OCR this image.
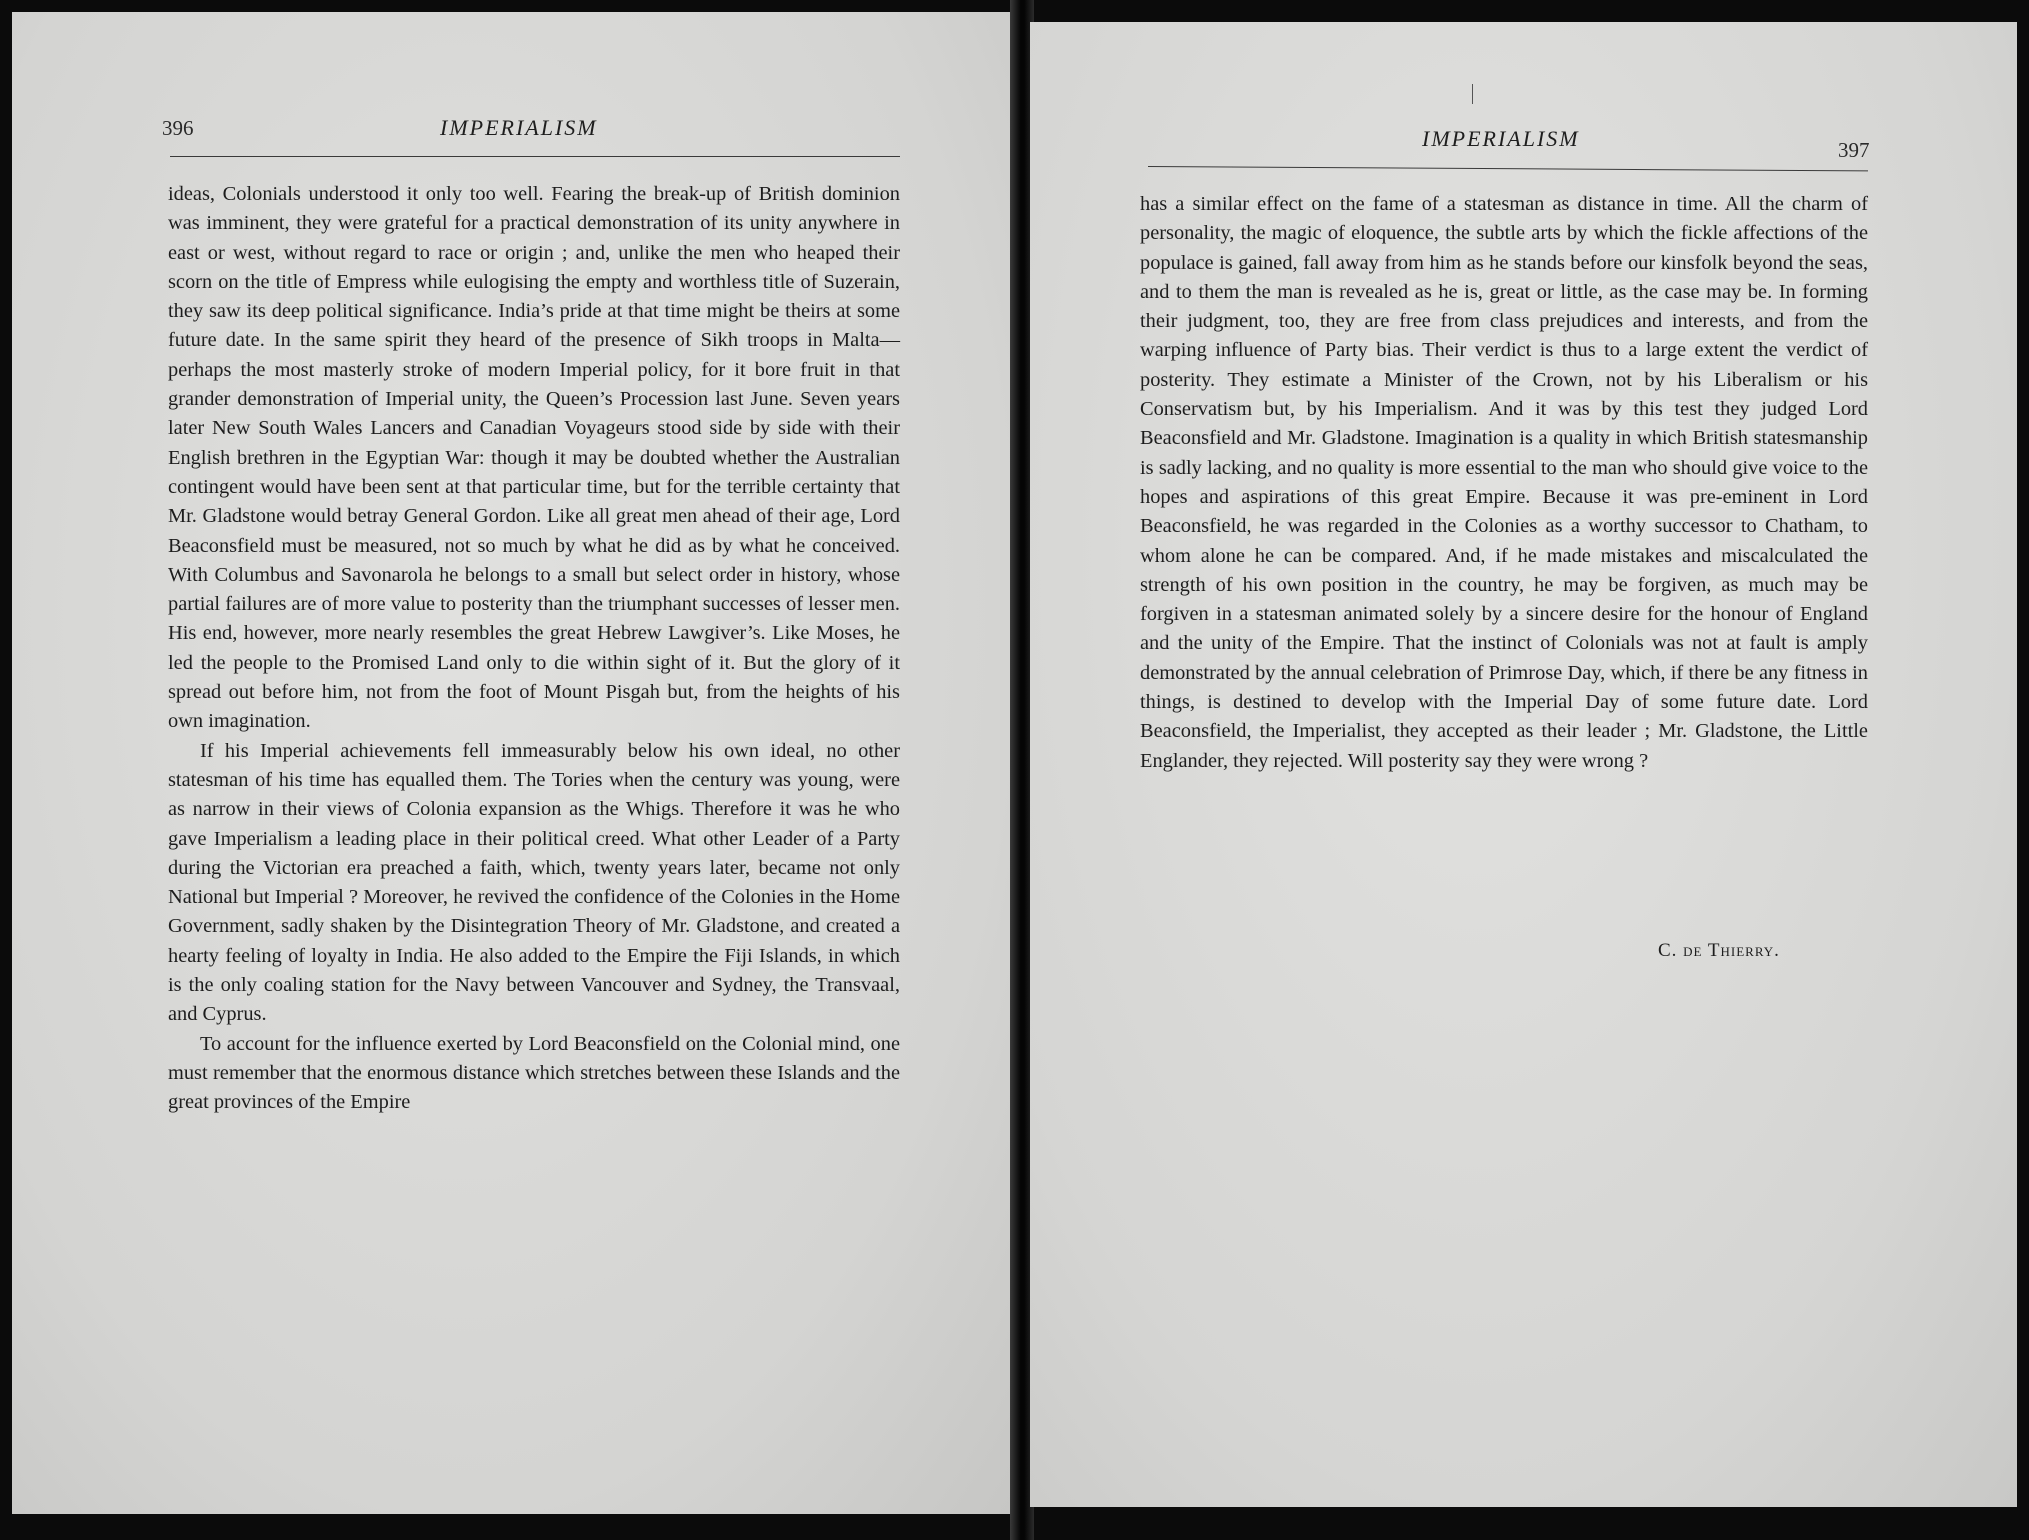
396	IMPERIALISM

ideas, Colonials understood it only too well. Fearing the break-up of British dominion was imminent, they were grateful for a practical demonstration of its unity anywhere in east or west, without regard to race or origin ; and, unlike the men who heaped their scorn on the title of Empress while eulogising the empty and worthless title of Suzerain, they saw its deep political significance. India’s pride at that time might be theirs at some future date. In the same spirit they heard of the presence of Sikh troops in Malta—perhaps the most masterly stroke of modern Imperial policy, for it bore fruit in that grander demonstration of Imperial unity, the Queen’s Procession last June. Seven years later New South Wales Lancers and Canadian Voyageurs stood side by side with their English brethren in the Egyptian War: though it may be doubted whether the Australian contingent would have been sent at that particular time, but for the terrible certainty that Mr. Gladstone would betray General Gordon. Like all great men ahead of their age, Lord Beaconsfield must be measured, not so much by what he did as by what he conceived. With Columbus and Savonarola he belongs to a small but select order in history, whose partial failures are of more value to posterity than the triumphant successes of lesser men. His end, however, more nearly resembles the great Hebrew Lawgiver’s. Like Moses, he led the people to the Promised Land only to die within sight of it. But the glory of it spread out before him, not from the foot of Mount Pisgah but, from the heights of his own imagination.

If his Imperial achievements fell immeasurably below his own ideal, no other statesman of his time has equalled them. The Tories when the century was young, were as narrow in their views of Colonia expansion as the Whigs. Therefore it was he who gave Imperialism a leading place in their political creed. What other Leader of a Party during the Victorian era preached a faith, which, twenty years later, became not only National but Imperial ? Moreover, he revived the confidence of the Colonies in the Home Government, sadly shaken by the Disintegration Theory of Mr. Gladstone, and created a hearty feeling of loyalty in India. He also added to the Empire the Fiji Islands, in which is the only coaling station for the Navy between Vancouver and Sydney, the Transvaal, and Cyprus.

To account for the influence exerted by Lord Beaconsfield on the Colonial mind, one must remember that the enormous distance which stretches between these Islands and the great provinces of the Empire

IMPERIALISM	397

has a similar effect on the fame of a statesman as distance in time. All the charm of personality, the magic of eloquence, the subtle arts by which the fickle affections of the populace is gained, fall away from him as he stands before our kinsfolk beyond the seas, and to them the man is revealed as he is, great or little, as the case may be. In forming their judgment, too, they are free from class prejudices and interests, and from the warping influence of Party bias. Their verdict is thus to a large extent the verdict of posterity. They estimate a Minister of the Crown, not by his Liberalism or his Conservatism but, by his Imperialism. And it was by this test they judged Lord Beaconsfield and Mr. Gladstone. Imagination is a quality in which British statesmanship is sadly lacking, and no quality is more essential to the man who should give voice to the hopes and aspirations of this great Empire. Because it was pre-eminent in Lord Beaconsfield, he was regarded in the Colonies as a worthy successor to Chatham, to whom alone he can be compared. And, if he made mistakes and miscalculated the strength of his own position in the country, he may be forgiven, as much may be forgiven in a statesman animated solely by a sincere desire for the honour of England and the unity of the Empire. That the instinct of Colonials was not at fault is amply demonstrated by the annual celebration of Primrose Day, which, if there be any fitness in things, is destined to develop with the Imperial Day of some future date. Lord Beaconsfield, the Imperialist, they accepted as their leader ; Mr. Gladstone, the Little Englander, they rejected. Will posterity say they were wrong ?

C. de Thierry.
